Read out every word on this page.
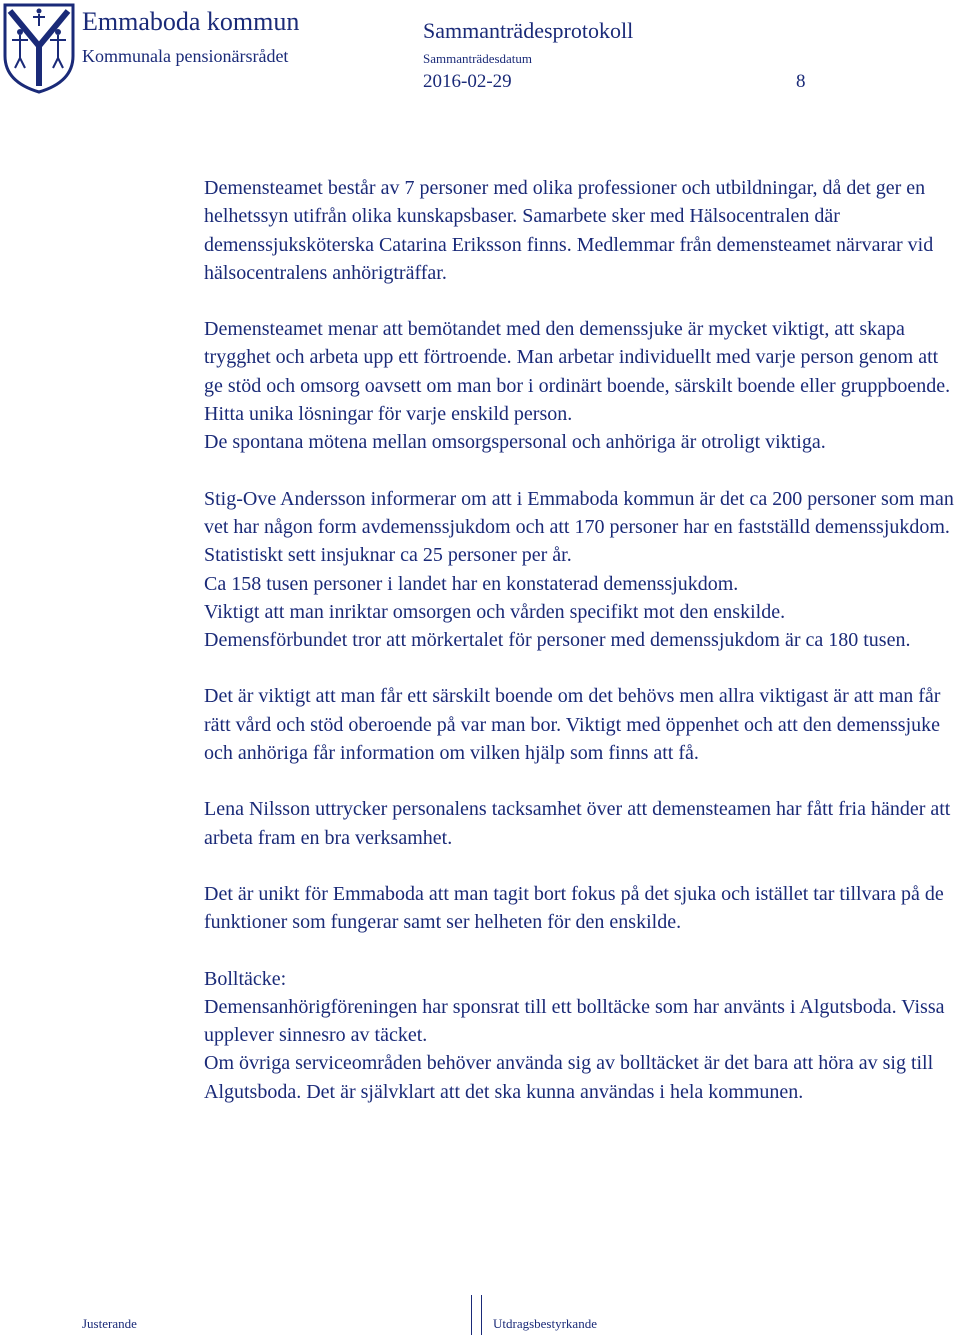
Emmaboda kommun
Kommunala pensionärsrådet
Sammanträdesprotokoll
Sammanträdesdatum
2016-02-29	8

Demensteamet består av 7 personer med olika professioner och utbildningar, då det ger en helhetssyn utifrån olika kunskapsbaser. Samarbete sker med Hälsocentralen där demenssjuksköterska Catarina Eriksson finns. Medlemmar från demensteamet närvarar vid hälsocentralens anhörigträffar.

Demensteamet menar att bemötandet med den demenssjuke är mycket viktigt, att skapa trygghet och arbeta upp ett förtroende. Man arbetar individuellt med varje person genom att ge stöd och omsorg oavsett om man bor i ordinärt boende, särskilt boende eller gruppboende. Hitta unika lösningar för varje enskild person.

De spontana mötena mellan omsorgspersonal och anhöriga är otroligt viktiga.

Stig-Ove Andersson informerar om att i Emmaboda kommun är det ca 200 personer som man vet har någon form avdemenssjukdom och att 170 personer har en fastställd demenssjukdom. Statistiskt sett insjuknar ca 25 personer per år.

Ca 158 tusen personer i landet har en konstaterad demenssjukdom.

Viktigt att man inriktar omsorgen och vården specifikt mot den enskilde.

Demensförbundet tror att mörkertalet för personer med demenssjukdom är ca 180 tusen.

Det är viktigt att man får ett särskilt boende om det behövs men allra viktigast är att man får rätt vård och stöd oberoende på var man bor. Viktigt med öppenhet och att den demenssjuke och anhöriga får information om vilken hjälp som finns att få.

Lena Nilsson uttrycker personalens tacksamhet över att demensteamen har fått fria händer att arbeta fram en bra verksamhet.

Det är unikt för Emmaboda att man tagit bort fokus på det sjuka och istället tar tillvara på de funktioner som fungerar samt ser helheten för den enskilde.

Bolltäcke:

Demensanhörigföreningen har sponsrat till ett bolltäcke som har använts i Algutsboda. Vissa upplever sinnesro av täcket.

Om övriga serviceområden behöver använda sig av bolltäcket är det bara att höra av sig till Algutsboda. Det är självklart att det ska kunna användas i hela kommunen.

Justerande	Utdragsbestyrkande
